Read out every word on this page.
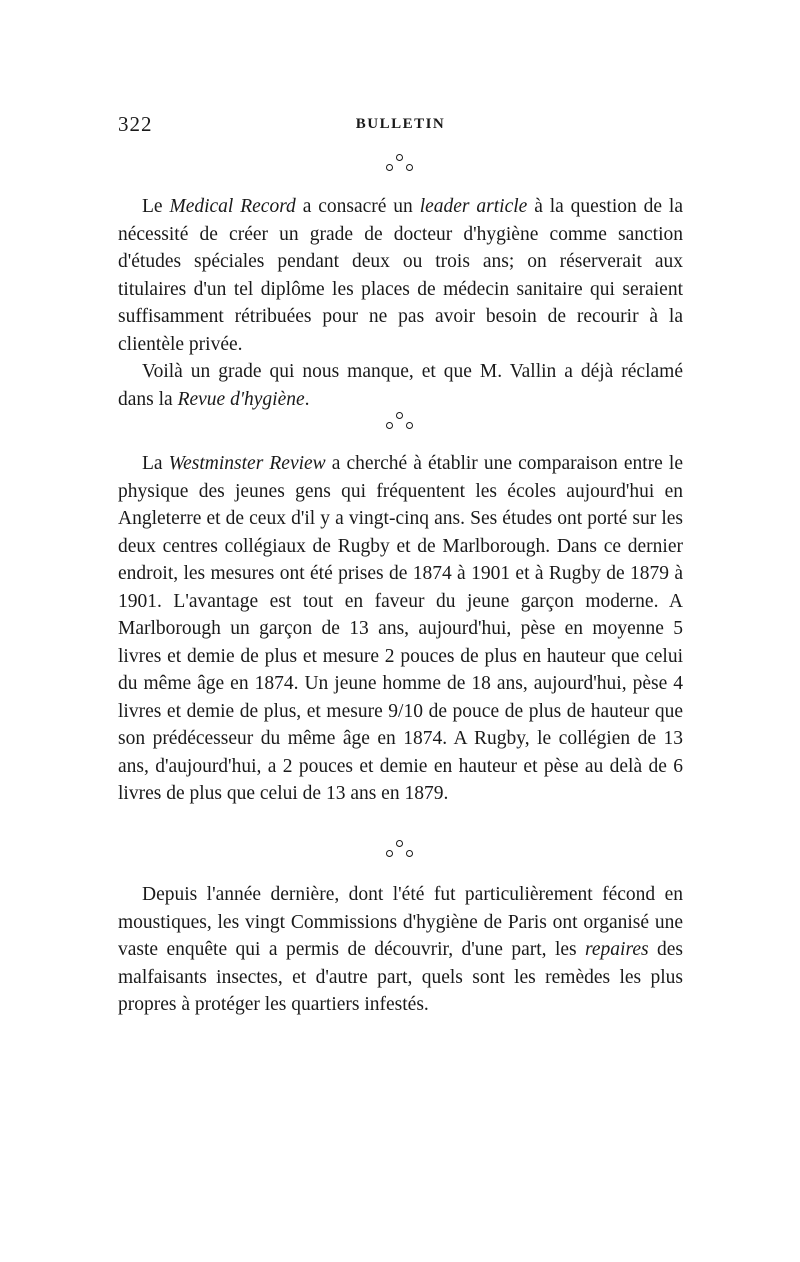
322	BULLETIN

Le Medical Record a consacré un leader article à la question de la nécessité de créer un grade de docteur d'hygiène comme sanction d'études spéciales pendant deux ou trois ans; on réserverait aux titulaires d'un tel diplôme les places de médecin sanitaire qui seraient suffisamment rétribuées pour ne pas avoir besoin de recourir à la clientèle privée.

Voilà un grade qui nous manque, et que M. Vallin a déjà réclamé dans la Revue d'hygiène.

La Westminster Review a cherché à établir une comparaison entre le physique des jeunes gens qui fréquentent les écoles aujourd'hui en Angleterre et de ceux d'il y a vingt-cinq ans. Ses études ont porté sur les deux centres collégiaux de Rugby et de Marlborough. Dans ce dernier endroit, les mesures ont été prises de 1874 à 1901 et à Rugby de 1879 à 1901. L'avantage est tout en faveur du jeune garçon moderne. A Marlborough un garçon de 13 ans, aujourd'hui, pèse en moyenne 5 livres et demie de plus et mesure 2 pouces de plus en hauteur que celui du même âge en 1874. Un jeune homme de 18 ans, aujourd'hui, pèse 4 livres et demie de plus, et mesure 9/10 de pouce de plus de hauteur que son prédécesseur du même âge en 1874. A Rugby, le collégien de 13 ans, d'aujourd'hui, a 2 pouces et demie en hauteur et pèse au delà de 6 livres de plus que celui de 13 ans en 1879.

Depuis l'année dernière, dont l'été fut particulièrement fécond en moustiques, les vingt Commissions d'hygiène de Paris ont organisé une vaste enquête qui a permis de découvrir, d'une part, les repaires des malfaisants insectes, et d'autre part, quels sont les remèdes les plus propres à protéger les quartiers infestés.
